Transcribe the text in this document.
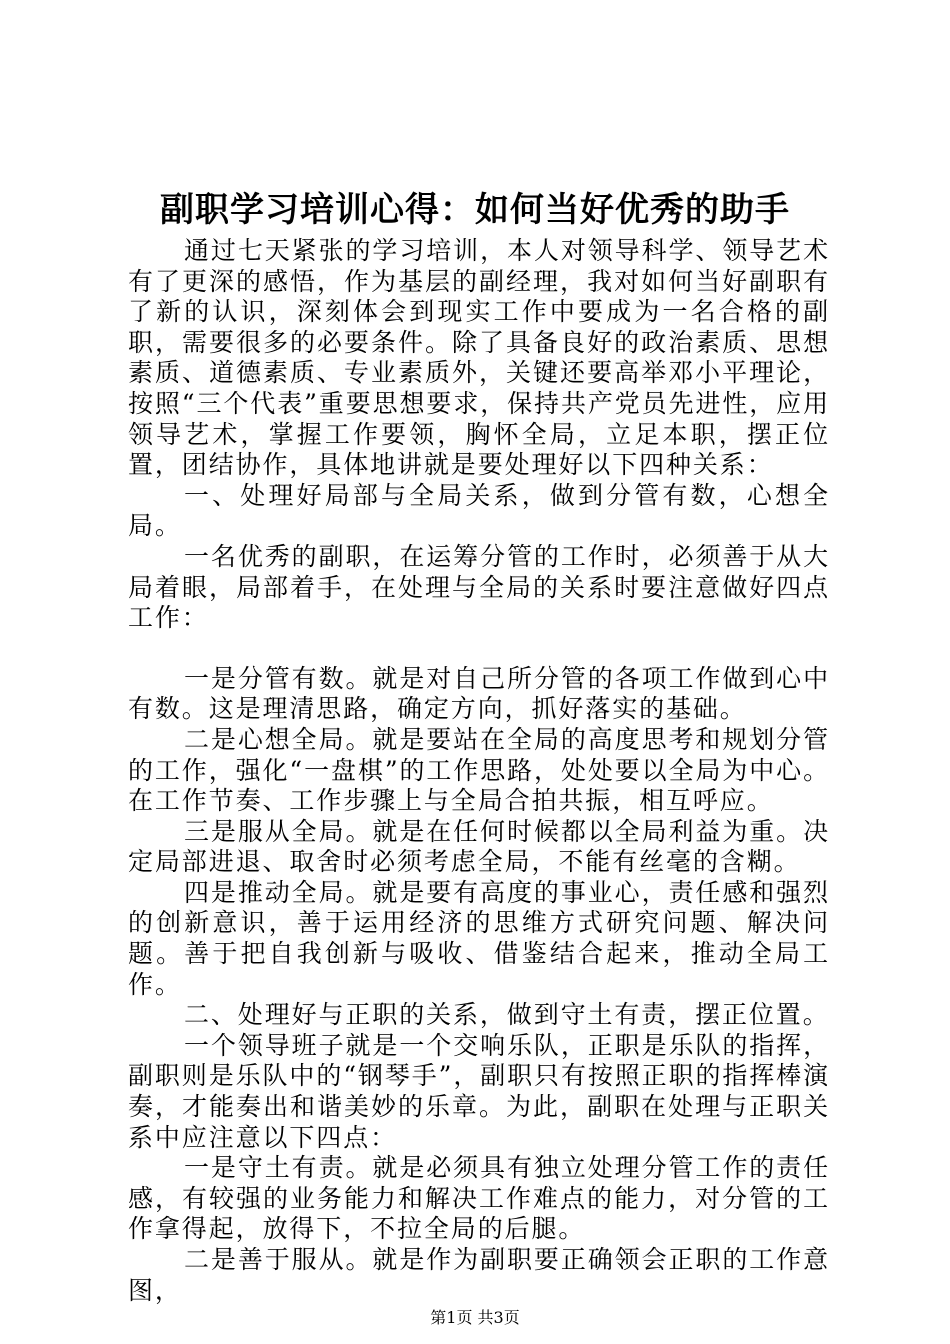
副职学习培训心得：如何当好优秀的助手

通过七天紧张的学习培训，本人对领导科学、领导艺术有了更深的感悟，作为基层的副经理，我对如何当好副职有了新的认识，深刻体会到现实工作中要成为一名合格的副职，需要很多的必要条件。除了具备良好的政治素质、思想素质、道德素质、专业素质外，关键还要高举邓小平理论，按照“三个代表”重要思想要求，保持共产党员先进性，应用领导艺术，掌握工作要领，胸怀全局，立足本职，摆正位置，团结协作，具体地讲就是要处理好以下四种关系：

一、处理好局部与全局关系，做到分管有数，心想全局。

一名优秀的副职，在运筹分管的工作时，必须善于从大局着眼，局部着手，在处理与全局的关系时要注意做好四点工作：

一是分管有数。就是对自己所分管的各项工作做到心中有数。这是理清思路，确定方向，抓好落实的基础。

二是心想全局。就是要站在全局的高度思考和规划分管的工作，强化“一盘棋”的工作思路，处处要以全局为中心。在工作节奏、工作步骤上与全局合拍共振，相互呼应。

三是服从全局。就是在任何时候都以全局利益为重。决定局部进退、取舍时必须考虑全局，不能有丝毫的含糊。

四是推动全局。就是要有高度的事业心，责任感和强烈的创新意识，善于运用经济的思维方式研究问题、解决问题。善于把自我创新与吸收、借鉴结合起来，推动全局工作。

二、处理好与正职的关系，做到守土有责，摆正位置。

一个领导班子就是一个交响乐队，正职是乐队的指挥，副职则是乐队中的“钢琴手”，副职只有按照正职的指挥棒演奏，才能奏出和谐美妙的乐章。为此，副职在处理与正职关系中应注意以下四点：

一是守土有责。就是必须具有独立处理分管工作的责任感，有较强的业务能力和解决工作难点的能力，对分管的工作拿得起，放得下，不拉全局的后腿。

二是善于服从。就是作为副职要正确领会正职的工作意图，

第1页 共3页
